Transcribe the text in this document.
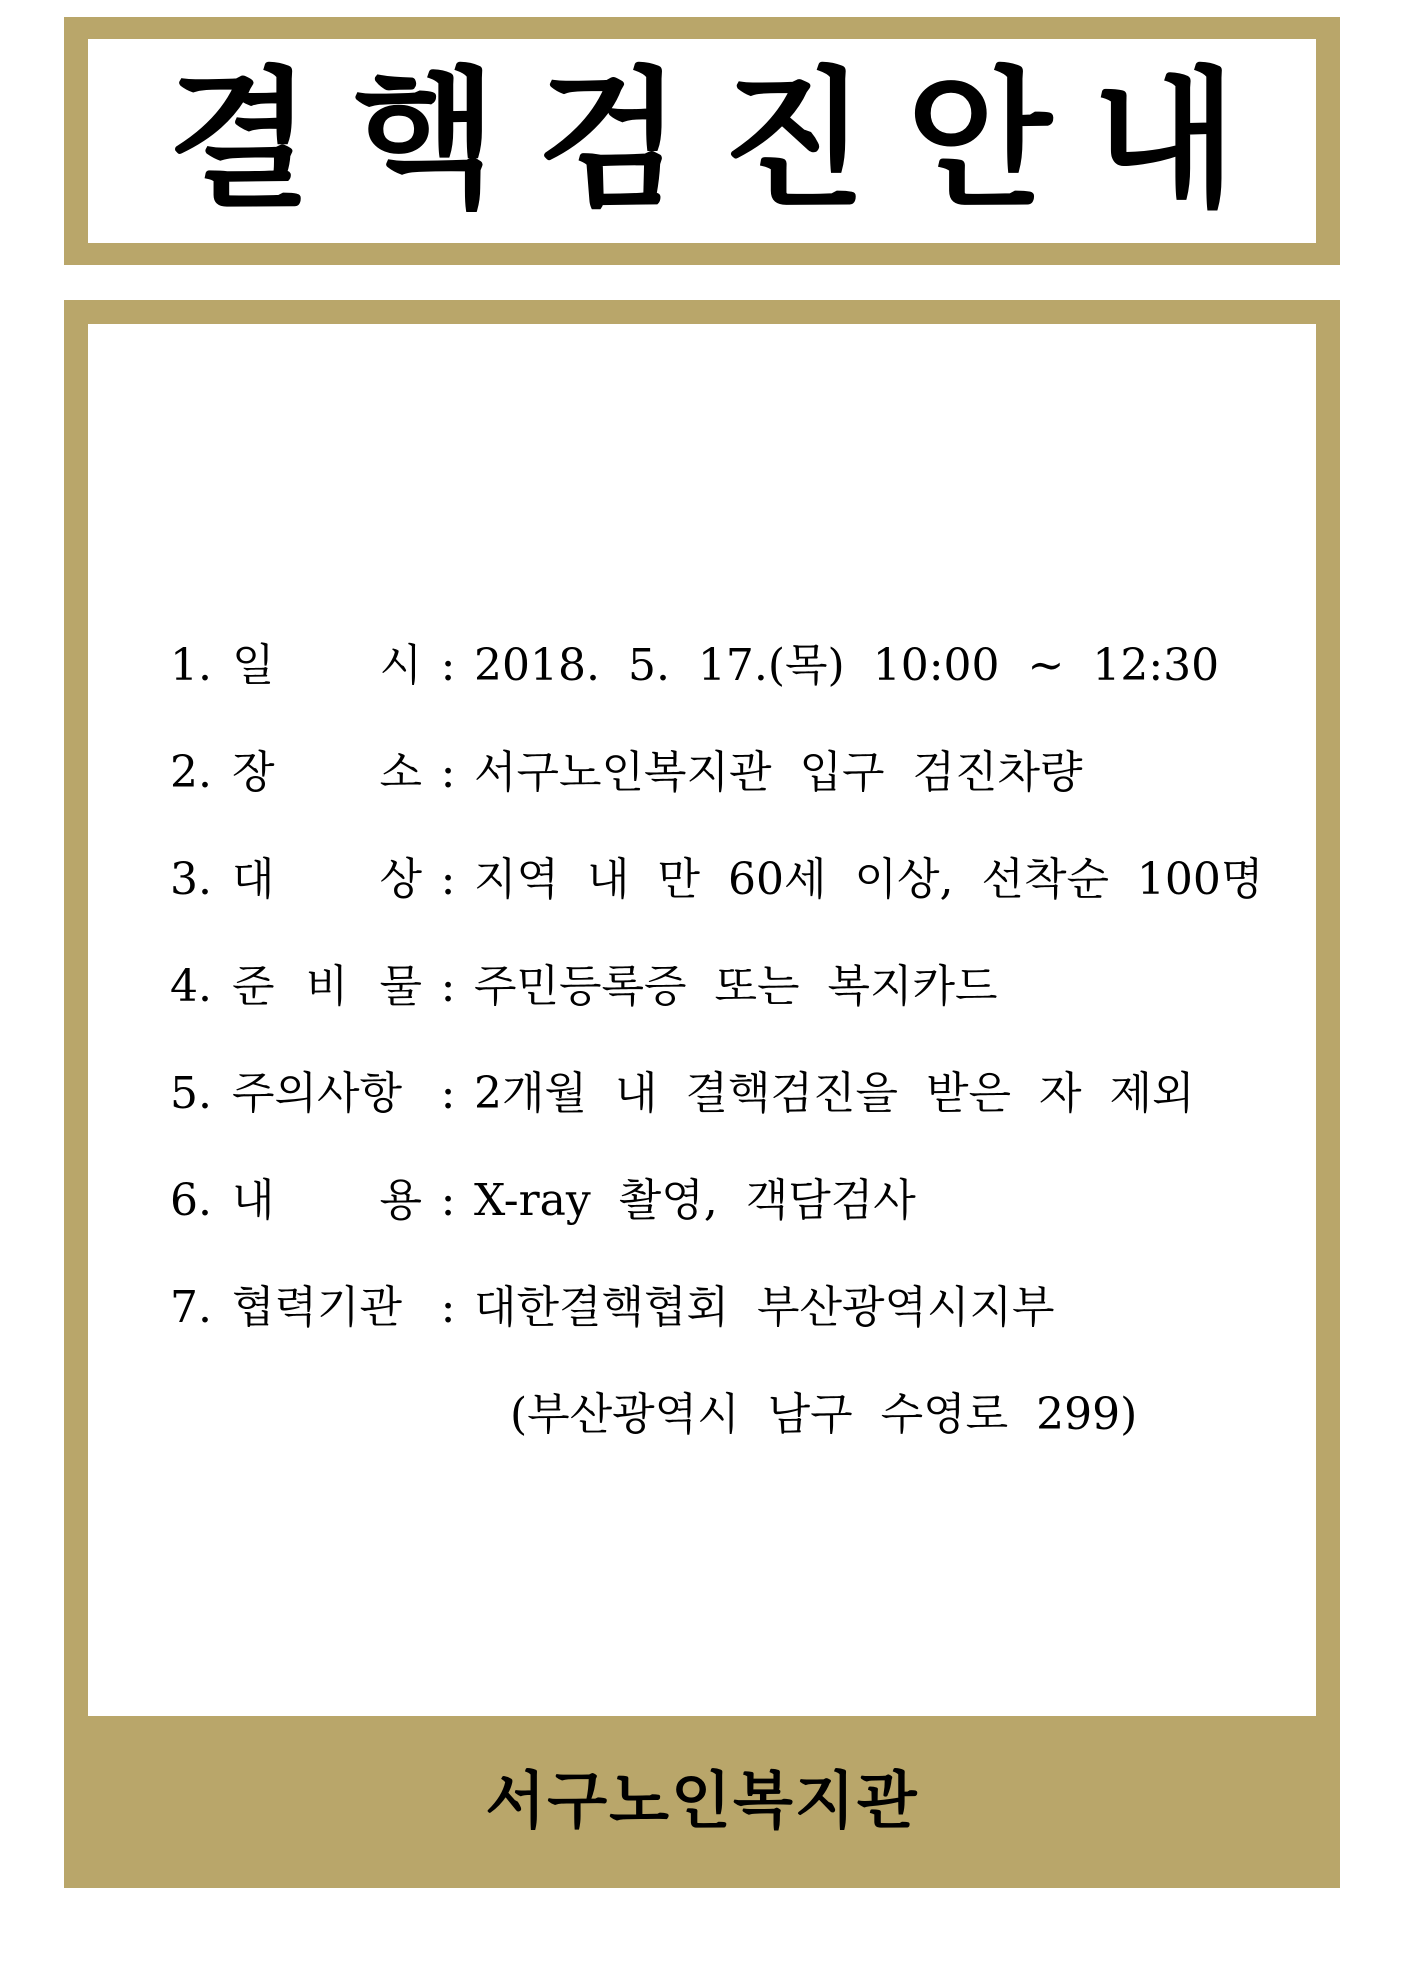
결핵검진안내
1. 일 시 : 2018. 5. 17.(목) 10:00 ~ 12:30
2. 장 소 : 서구노인복지관 입구 검진차량
3. 대 상 : 지역 내 만 60세 이상, 선착순 100명
4. 준 비 물 : 주민등록증 또는 복지카드
5. 주의사항 : 2개월 내 결핵검진을 받은 자 제외
6. 내 용 : X-ray 촬영, 객담검사
7. 협력기관 : 대한결핵협회 부산광역시지부
(부산광역시 남구 수영로 299)
서구노인복지관
